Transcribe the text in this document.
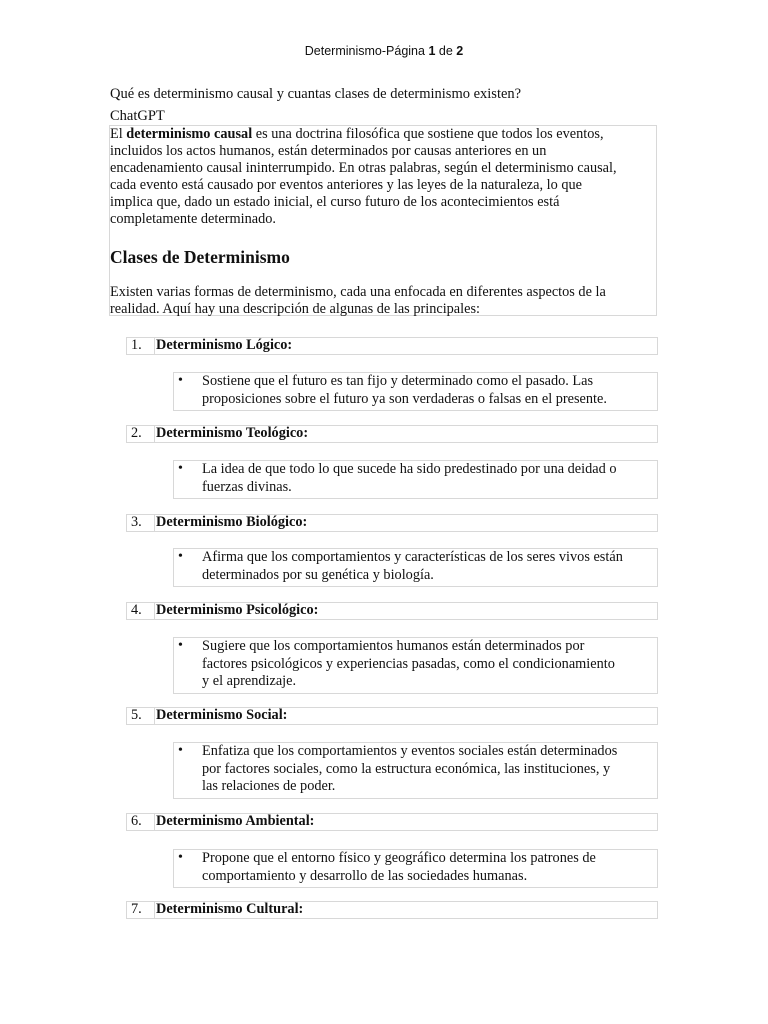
Determinismo-Página 1 de 2
Qué es determinismo causal y cuantas clases de determinismo existen?
ChatGPT
El determinismo causal es una doctrina filosófica que sostiene que todos los eventos,
incluidos los actos humanos, están determinados por causas anteriores en un
encadenamiento causal ininterrumpido. En otras palabras, según el determinismo causal,
cada evento está causado por eventos anteriores y las leyes de la naturaleza, lo que
implica que, dado un estado inicial, el curso futuro de los acontecimientos está
completamente determinado.
Clases de Determinismo
Existen varias formas de determinismo, cada una enfocada en diferentes aspectos de la
realidad. Aquí hay una descripción de algunas de las principales:
1. Determinismo Lógico:
• Sostiene que el futuro es tan fijo y determinado como el pasado. Las
proposiciones sobre el futuro ya son verdaderas o falsas en el presente.
2. Determinismo Teológico:
• La idea de que todo lo que sucede ha sido predestinado por una deidad o
fuerzas divinas.
3. Determinismo Biológico:
• Afirma que los comportamientos y características de los seres vivos están
determinados por su genética y biología.
4. Determinismo Psicológico:
• Sugiere que los comportamientos humanos están determinados por
factores psicológicos y experiencias pasadas, como el condicionamiento
y el aprendizaje.
5. Determinismo Social:
• Enfatiza que los comportamientos y eventos sociales están determinados
por factores sociales, como la estructura económica, las instituciones, y
las relaciones de poder.
6. Determinismo Ambiental:
• Propone que el entorno físico y geográfico determina los patrones de
comportamiento y desarrollo de las sociedades humanas.
7. Determinismo Cultural:
